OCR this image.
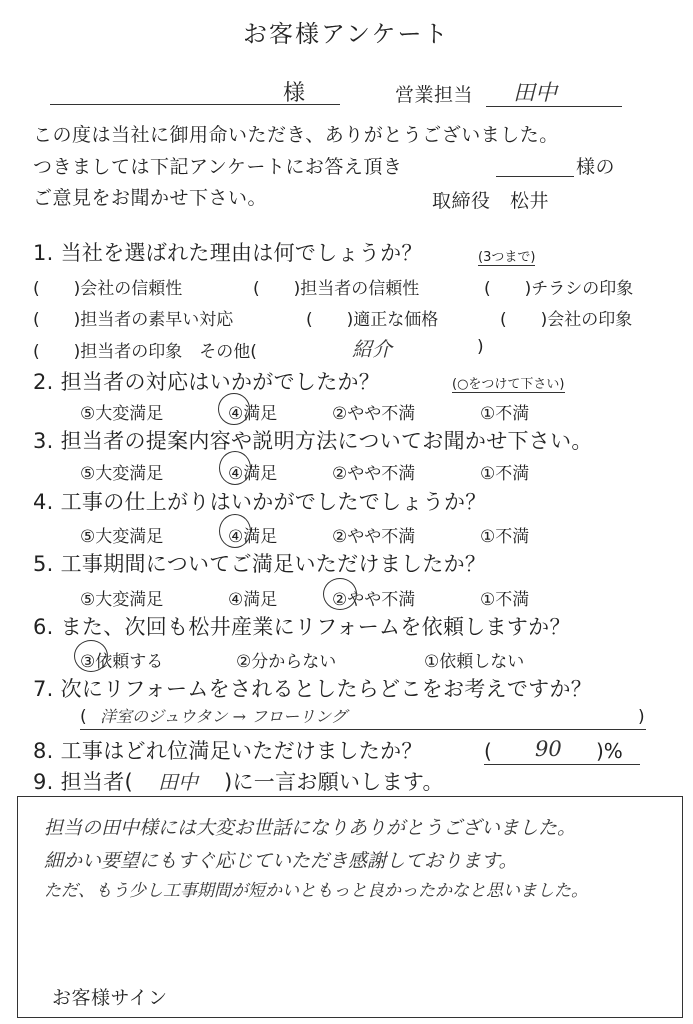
お客様アンケート
様	営業担当 田中
この度は当社に御用命いただき、ありがとうございました。
つきましては下記アンケートにお答え頂き	様の
ご意見をお聞かせ下さい。	取締役　松井
1. 当社を選ばれた理由は何でしょうか？	(3つまで)
(　　)会社の信頼性	(　　)担当者の信頼性	(　　)チラシの印象
(　　)担当者の素早い対応	(　　)適正な価格	(　　)会社の印象
(　　)担当者の印象　その他(	紹介	)
2. 担当者の対応はいかがでしたか？	(○をつけて下さい)
⑤大変満足	④満足	②やや不満	①不満
3. 担当者の提案内容や説明方法についてお聞かせ下さい。
⑤大変満足	④満足	②やや不満	①不満
4. 工事の仕上がりはいかがでしたでしょうか？
⑤大変満足	④満足	②やや不満	①不満
5. 工事期間についてご満足いただけましたか？
⑤大変満足	④満足	②やや不満	①不満
6. また、次回も松井産業にリフォームを依頼しますか？
③依頼する	②分からない	①依頼しない
7. 次にリフォームをされるとしたらどこをお考えですか？
( 洋室のジュウタン → フローリング	)
8. 工事はどれ位満足いただけましたか？	( 90 )%
9. 担当者( 田中 )に一言お願いします。
担当の田中様には大変お世話になりありがとうございました。
細かい要望にもすぐ応じていただき感謝しております。
ただ、もう少し工事期間が短かいともっと良かったかなと思いました。
お客様サイン
